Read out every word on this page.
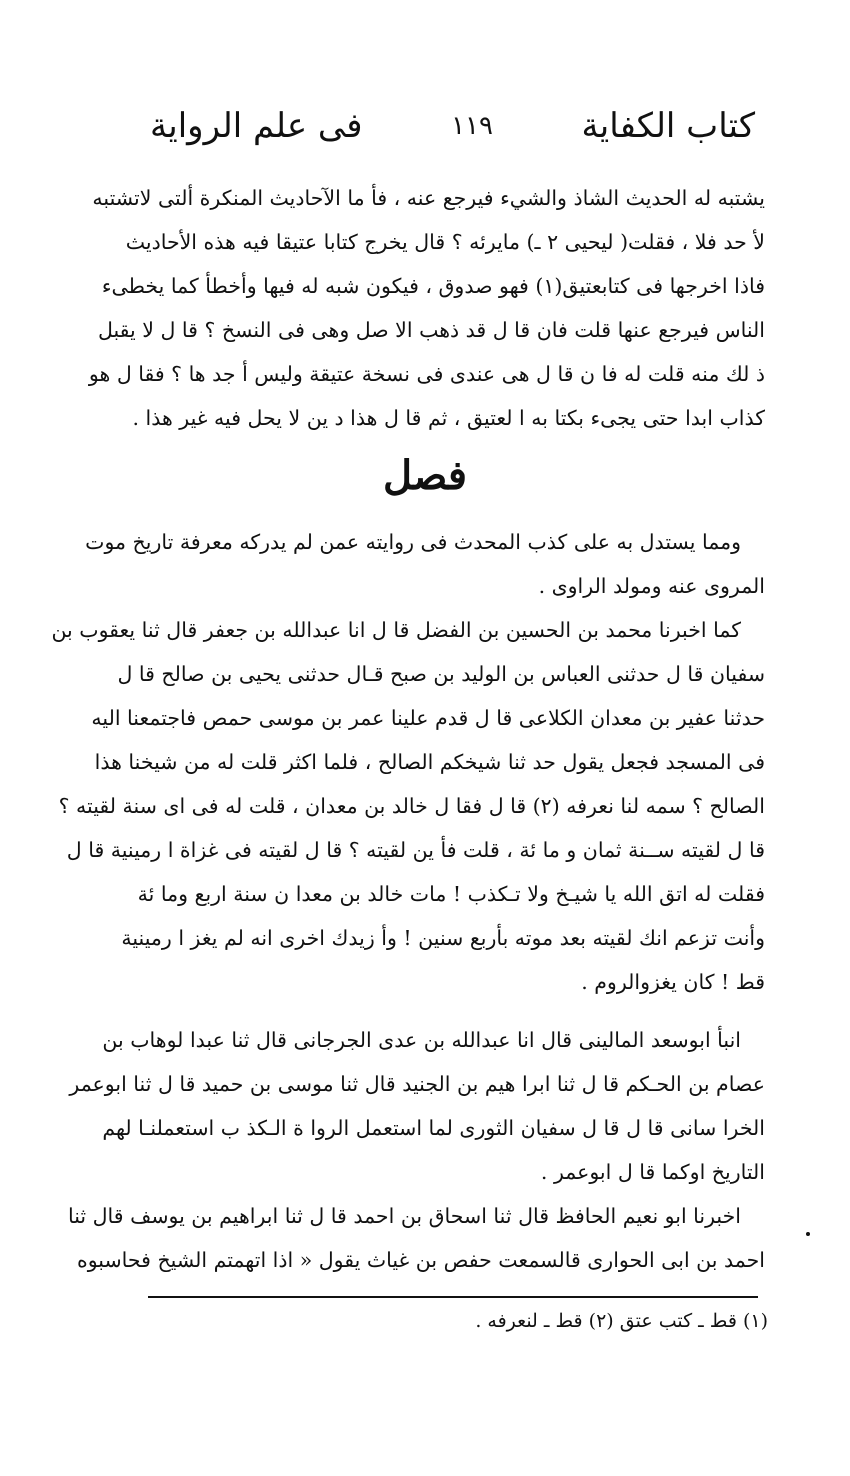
كتاب الكفاية
١١٩
فى علم الرواية
يشتبه له الحديث الشاذ والشيء فيرجع عنه ، فأ ما الآحاديث المنكرة ألتى لاتشتبه
لأ حد فلا ، فقلت( ليحيى ٢ ـ) مايرئه ؟ قال يخرج كتابا عتيقا فيه هذه الأحاديث
فاذا اخرجها فى كتابعتيق(١) فهو صدوق ، فيكون شبه له فيها وأخطأ كما يخطىء
الناس فيرجع عنها قلت فان قا ل قد ذهب الا صل وهى فى النسخ ؟ قا ل لا يقبل
ذ لك منه قلت له فا ن قا ل هى عندى فى نسخة عتيقة وليس أ جد ها ؟ فقا ل هو
كذاب ابدا حتى يجىء بكتا به ا لعتيق ، ثم قا ل هذا د ين لا يحل فيه غير هذا .
فصل
ومما يستدل به على كذب المحدث فى روايته عمن لم يدركه معرفة تاريخ موت
المروى عنه ومولد الراوى .
كما اخبرنا محمد بن الحسين بن الفضل قا ل انا عبدالله بن جعفر قال ثنا يعقوب بن
سفيان قا ل حدثنى العباس بن الوليد بن صبح قـال حدثنى يحيى بن صالح قا ل
حدثنا عفير بن معدان الكلاعى قا ل قدم علينا عمر بن موسى حمص فاجتمعنا اليه
فى المسجد فجعل يقول حد ثنا شيخكم الصالح ، فلما اكثر قلت له من شيخنا هذا
الصالح ؟ سمه لنا نعرفه (٢) قا ل فقا ل خالد بن معدان ، قلت له فى اى سنة لقيته ؟
قا ل لقيته ســنة ثمان و ما ئة ، قلت فأ ين لقيته ؟ قا ل لقيته فى غزاة ا رمينية قا ل
فقلت له اتق الله يا شيـخ ولا تـكذب ! مات خالد بن معدا ن سنة اربع وما ئة
وأنت تزعم انك لقيته بعد موته بأربع سنين ! وأ زيدك اخرى انه لم يغز ا رمينية
قط ! كان يغزوالروم .
انبأ ابوسعد المالينى قال انا عبدالله بن عدى الجرجانى قال ثنا عبدا لوهاب بن
عصام بن الحـكم قا ل ثنا ابرا هيم بن الجنيد قال ثنا موسى بن حميد قا ل ثنا ابوعمر
الخرا سانى قا ل قا ل سفيان الثورى لما استعمل الروا ة الـكذ ب استعملنـا لهم
التاريخ اوكما قا ل ابوعمر .
اخبرنا ابو نعيم الحافظ قال ثنا اسحاق بن احمد قا ل ثنا ابراهيم بن يوسف قال ثنا
احمد بن ابى الحوارى قالسمعت حفص بن غياث يقول « اذا اتهمتم الشيخ فحاسبوه
(١) قط ـ كتب عتق (٢) قط ـ لنعرفه .
